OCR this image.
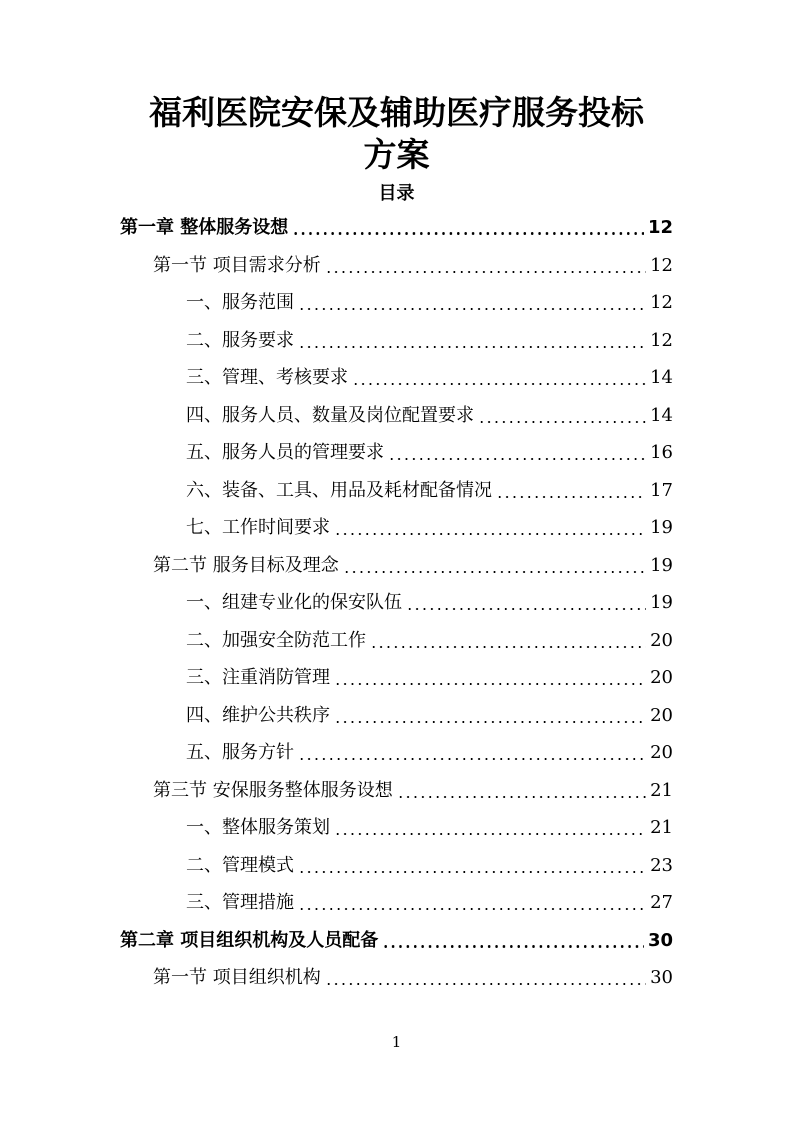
福利医院安保及辅助医疗服务投标
方案
目录
第一章 整体服务设想	12
第一节 项目需求分析	12
一、服务范围	12
二、服务要求	12
三、管理、考核要求	14
四、服务人员、数量及岗位配置要求	14
五、服务人员的管理要求	16
六、装备、工具、用品及耗材配备情况	17
七、工作时间要求	19
第二节 服务目标及理念	19
一、组建专业化的保安队伍	19
二、加强安全防范工作	20
三、注重消防管理	20
四、维护公共秩序	20
五、服务方针	20
第三节 安保服务整体服务设想	21
一、整体服务策划	21
二、管理模式	23
三、管理措施	27
第二章 项目组织机构及人员配备	30
第一节 项目组织机构	30
1
